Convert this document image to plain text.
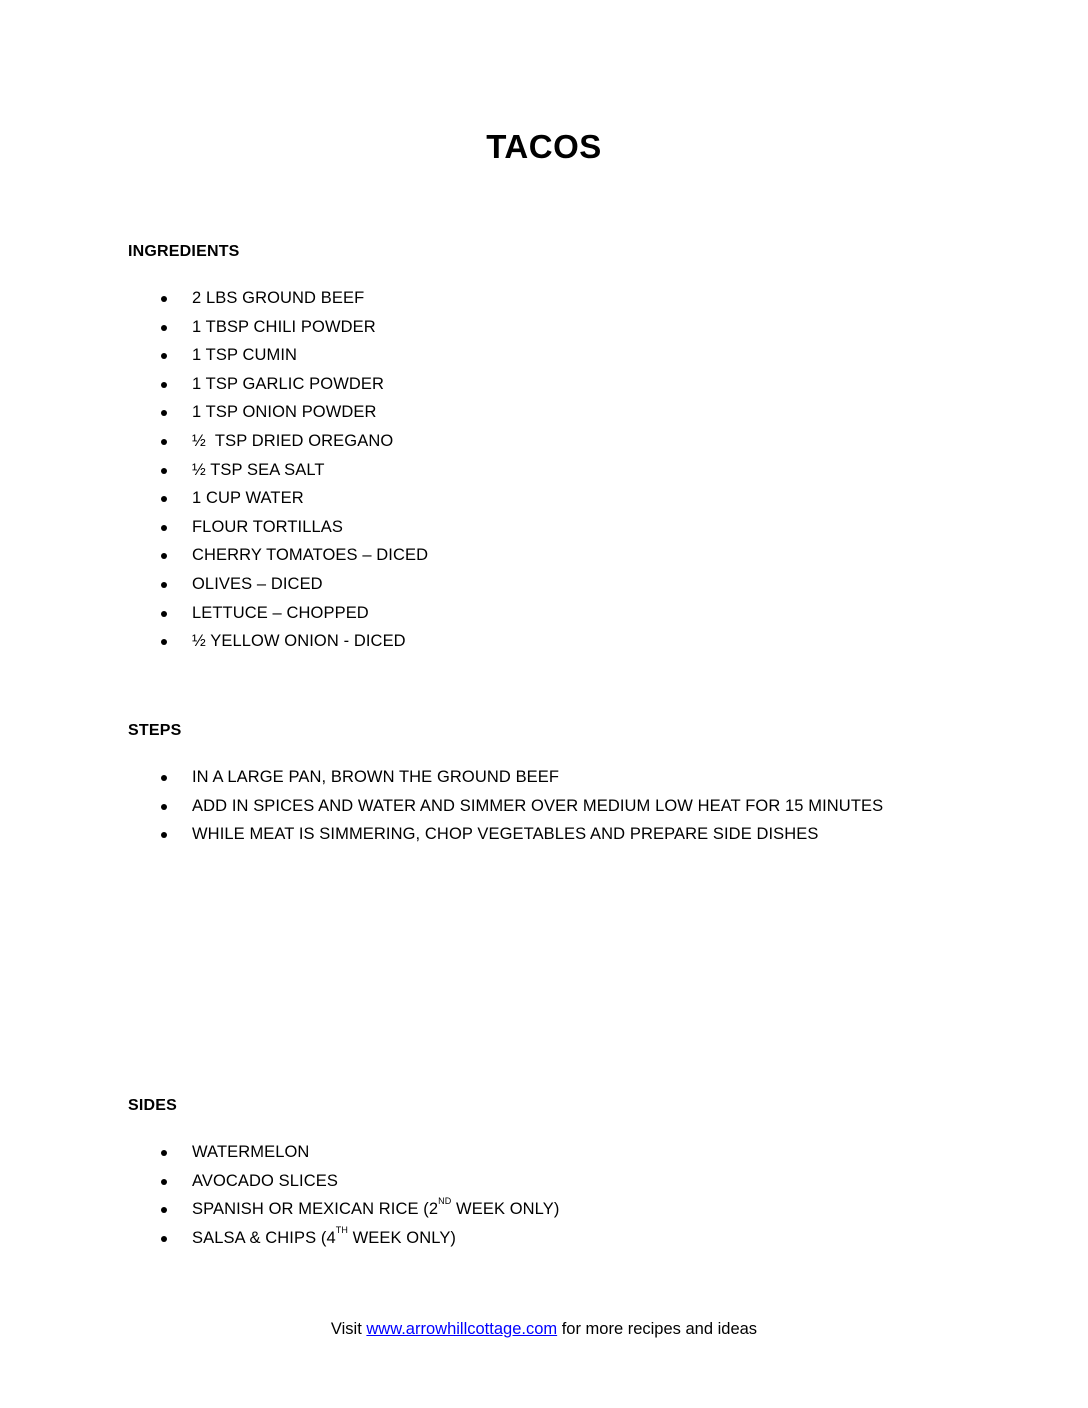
TACOS
INGREDIENTS
2 LBS GROUND BEEF
1 TBSP CHILI POWDER
1 TSP CUMIN
1 TSP GARLIC POWDER
1 TSP ONION POWDER
½  TSP DRIED OREGANO
½ TSP SEA SALT
1 CUP WATER
FLOUR TORTILLAS
CHERRY TOMATOES – DICED
OLIVES – DICED
LETTUCE – CHOPPED
½ YELLOW ONION - DICED
STEPS
IN A LARGE PAN, BROWN THE GROUND BEEF
ADD IN SPICES AND WATER AND SIMMER OVER MEDIUM LOW HEAT FOR 15 MINUTES
WHILE MEAT IS SIMMERING, CHOP VEGETABLES AND PREPARE SIDE DISHES
SIDES
WATERMELON
AVOCADO SLICES
SPANISH OR MEXICAN RICE (2ND WEEK ONLY)
SALSA & CHIPS (4TH WEEK ONLY)
Visit www.arrowhillcottage.com for more recipes and ideas
